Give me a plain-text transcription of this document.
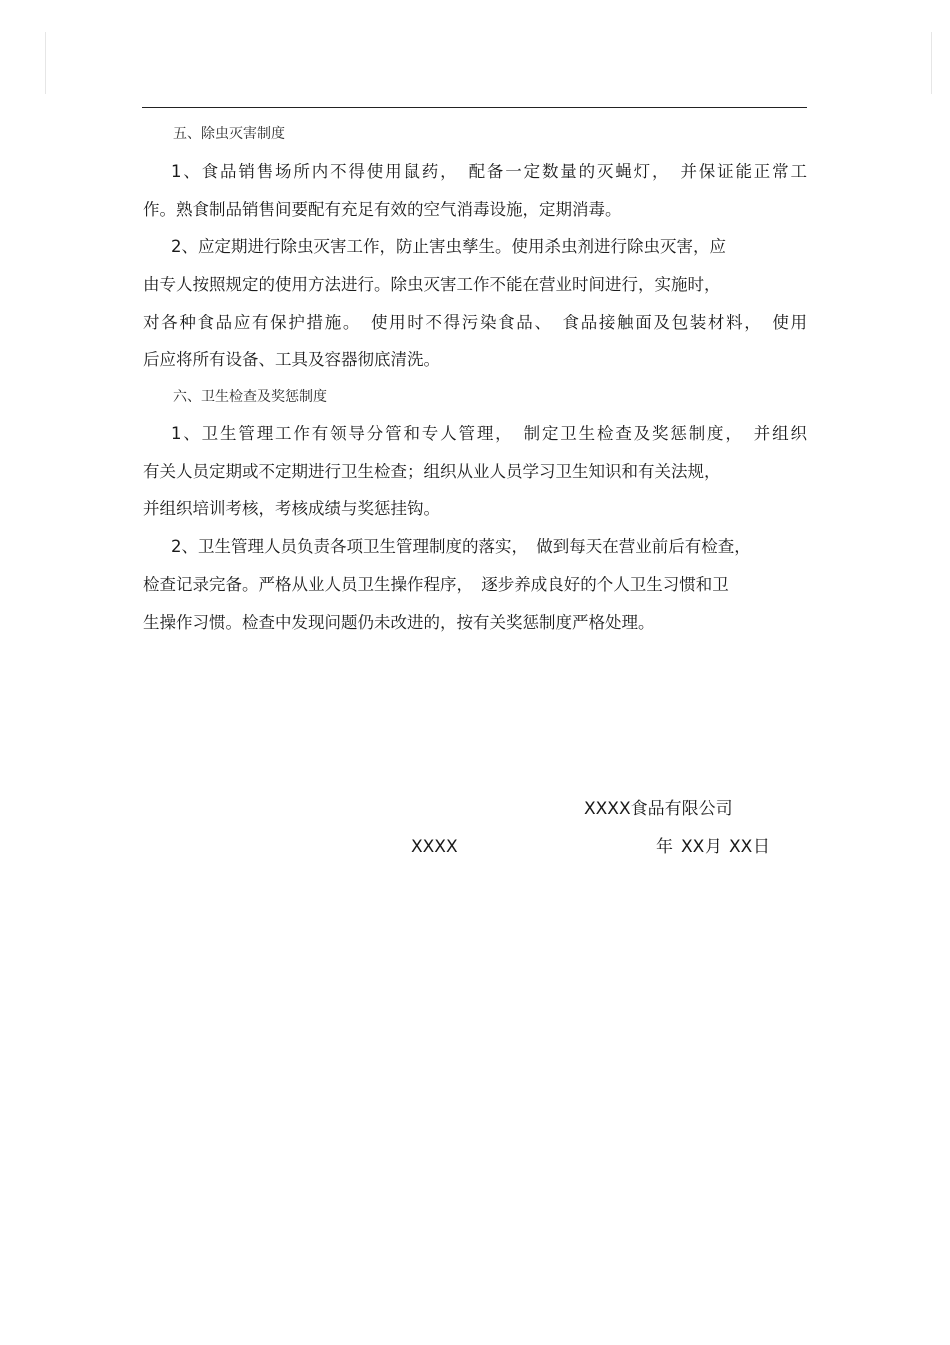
五、除虫灭害制度
1、食品销售场所内不得使用鼠药，　配备一定数量的灭蝇灯，　并保证能正常工
作。熟食制品销售间要配有充足有效的空气消毒设施，定期消毒。
2、应定期进行除虫灭害工作，防止害虫孳生。使用杀虫剂进行除虫灭害，应
由专人按照规定的使用方法进行。除虫灭害工作不能在营业时间进行，实施时，
对各种食品应有保护措施。　使用时不得污染食品、　食品接触面及包装材料，　使用
后应将所有设备、工具及容器彻底清洗。
六、卫生检查及奖惩制度
1、卫生管理工作有领导分管和专人管理，　制定卫生检查及奖惩制度，　并组织
有关人员定期或不定期进行卫生检查；组织从业人员学习卫生知识和有关法规，
并组织培训考核，考核成绩与奖惩挂钩。
2、卫生管理人员负责各项卫生管理制度的落实，　做到每天在营业前后有检查，
检查记录完备。严格从业人员卫生操作程序，　逐步养成良好的个人卫生习惯和卫
生操作习惯。检查中发现问题仍未改进的，按有关奖惩制度严格处理。
XXXX食品有限公司
XXXX	年 XX 月 XX 日
